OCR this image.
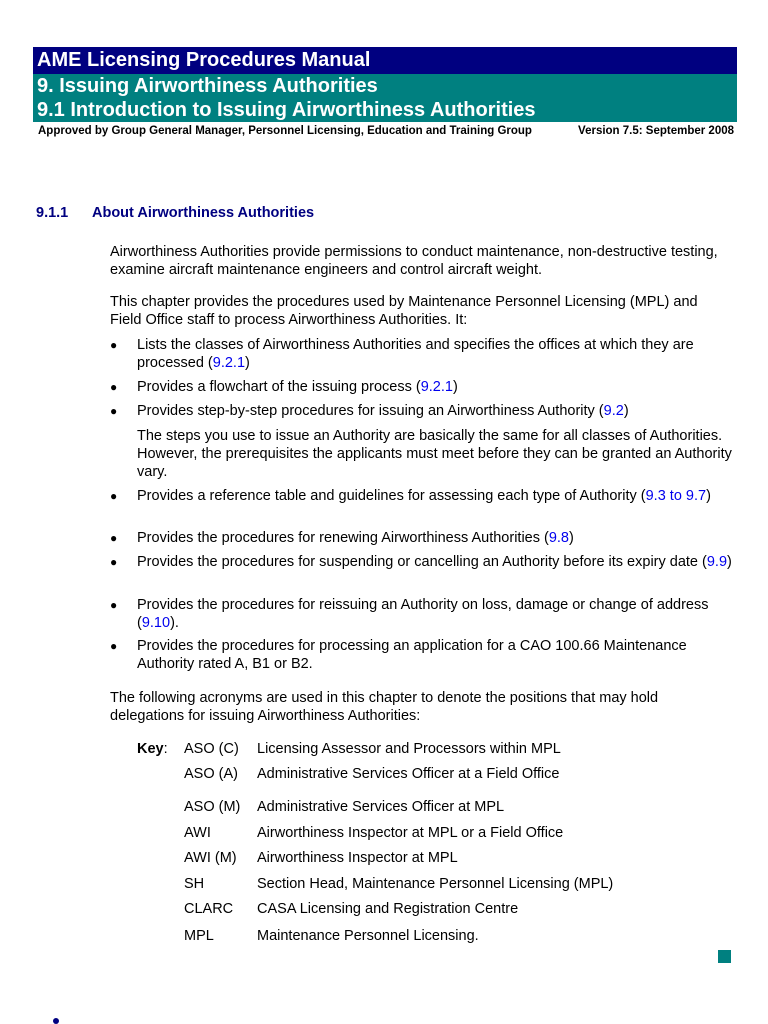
AME Licensing Procedures Manual
9. Issuing Airworthiness Authorities
9.1 Introduction to Issuing Airworthiness Authorities
Approved by Group General Manager, Personnel Licensing, Education and Training Group	Version 7.5: September 2008
9.1.1 About Airworthiness Authorities
Airworthiness Authorities provide permissions to conduct maintenance, non-destructive testing, examine aircraft maintenance engineers and control aircraft weight.
This chapter provides the procedures used by Maintenance Personnel Licensing (MPL) and Field Office staff to process Airworthiness Authorities. It:
● Lists the classes of Airworthiness Authorities and specifies the offices at which they are processed (9.2.1)
● Provides a flowchart of the issuing process (9.2.1)
● Provides step-by-step procedures for issuing an Airworthiness Authority (9.2)
● Provides a reference table and guidelines for assessing each type of Authority (9.3 to 9.7)
● Provides the procedures for renewing Airworthiness Authorities (9.8)
● Provides the procedures for suspending or cancelling an Authority before its expiry date (9.9)
● Provides the procedures for reissuing an Authority on loss, damage or change of address (9.10).
● Provides the procedures for processing an application for a CAO 100.66 Maintenance Authority rated A, B1 or B2.
The steps you use to issue an Authority are basically the same for all classes of Authorities. However, the prerequisites the applicants must meet before they can be granted an Authority vary.
The following acronyms are used in this chapter to denote the positions that may hold delegations for issuing Airworthiness Authorities:
Key: ASO (C) Licensing Assessor and Processors within MPL
ASO (A) Administrative Services Officer at a Field Office
ASO (M) Administrative Services Officer at MPL
AWI	Airworthiness Inspector at MPL or a Field Office
AWI (M) Airworthiness Inspector at MPL
SH	Section Head, Maintenance Personnel Licensing (MPL)
CLARC CASA Licensing and Registration Centre
MPL	Maintenance Personnel Licensing.
